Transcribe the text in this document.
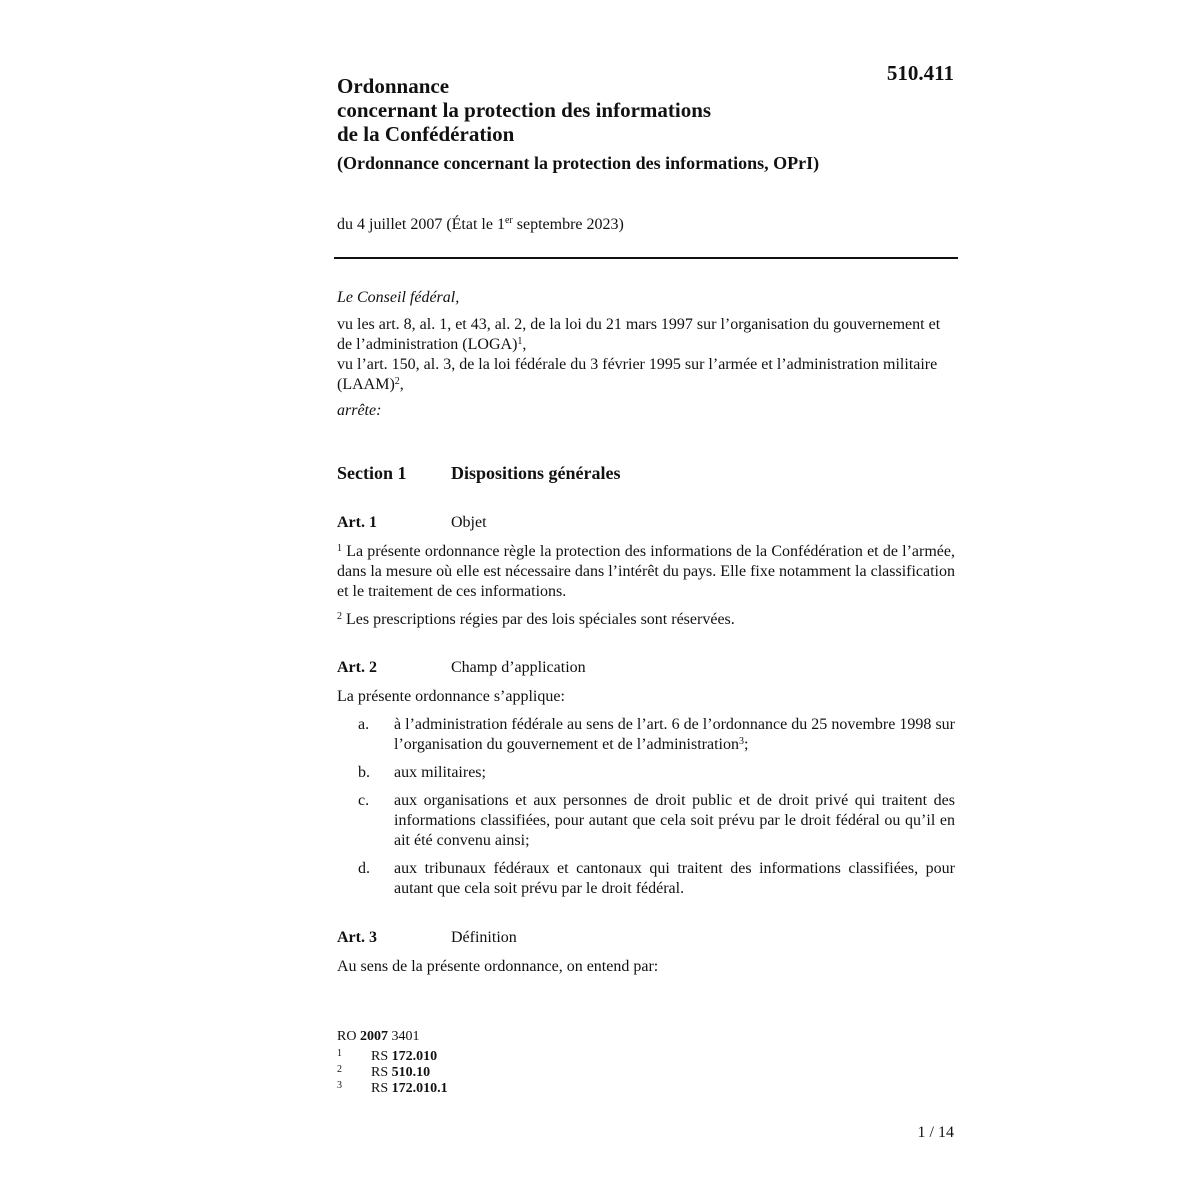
510.411
Ordonnance
concernant la protection des informations
de la Confédération
(Ordonnance concernant la protection des informations, OPrI)
du 4 juillet 2007 (État le 1er septembre 2023)
Le Conseil fédéral,
vu les art. 8, al. 1, et 43, al. 2, de la loi du 21 mars 1997 sur l’organisation du gouvernement et de l’administration (LOGA)$^1$,
vu l’art. 150, al. 3, de la loi fédérale du 3 février 1995 sur l’armée et l’administration militaire (LAAM)$^2$,
arrête:
Section 1 Dispositions générales
Art. 1	Objet
$^1$ La présente ordonnance règle la protection des informations de la Confédération et de l’armée, dans la mesure où elle est nécessaire dans l’intérêt du pays. Elle fixe notamment la classification et le traitement de ces informations.
$^2$ Les prescriptions régies par des lois spéciales sont réservées.
Art. 2	Champ d’application
La présente ordonnance s’applique:
a. à l’administration fédérale au sens de l’art. 6 de l’ordonnance du 25 novembre 1998 sur l’organisation du gouvernement et de l’administration$^3$;
b. aux militaires;
c. aux organisations et aux personnes de droit public et de droit privé qui traitent des informations classifiées, pour autant que cela soit prévu par le droit fédéral ou qu’il en ait été convenu ainsi;
d. aux tribunaux fédéraux et cantonaux qui traitent des informations classifiées, pour autant que cela soit prévu par le droit fédéral.
Art. 3	Définition
Au sens de la présente ordonnance, on entend par:
RO 2007 3401
1 RS 172.010
2 RS 510.10
3 RS 172.010.1
1 / 14
